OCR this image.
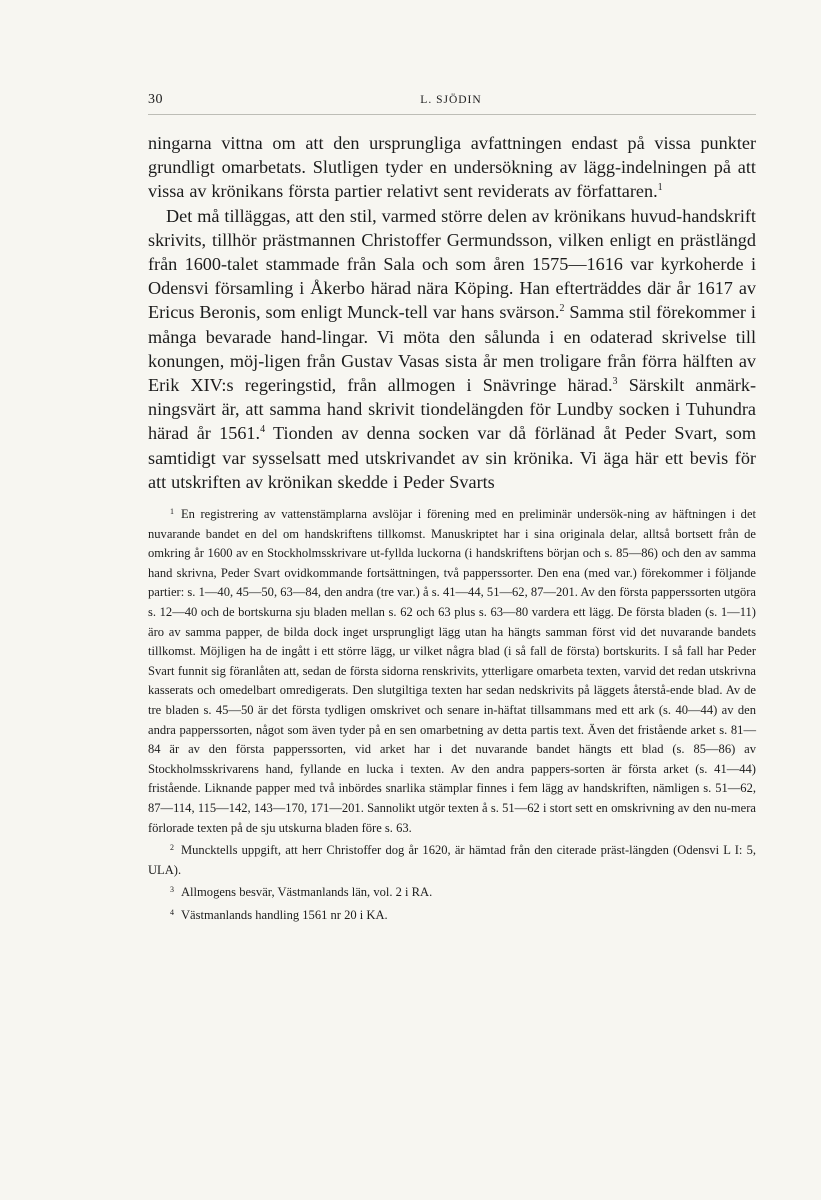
30	L. SJÖDIN

ningarna vittna om att den ursprungliga avfattningen endast på vissa punkter grundligt omarbetats. Slutligen tyder en undersökning av lägg-indelningen på att vissa av krönikans första partier relativt sent reviderats av författaren.$^1$

Det må tilläggas, att den stil, varmed större delen av krönikans huvud-handskrift skrivits, tillhör prästmannen Christoffer Germundsson, vilken enligt en prästlängd från 1600-talet stammade från Sala och som åren 1575—1616 var kyrkoherde i Odensvi församling i Åkerbo härad nära Köping. Han efterträddes där år 1617 av Ericus Beronis, som enligt Munck-tell var hans svärson.$^2$ Samma stil förekommer i många bevarade hand-lingar. Vi möta den sålunda i en odaterad skrivelse till konungen, möj-ligen från Gustav Vasas sista år men troligare från förra hälften av Erik XIV:s regeringstid, från allmogen i Snävringe härad.$^3$ Särskilt anmärk-ningsvärt är, att samma hand skrivit tiondelängden för Lundby socken i Tuhundra härad år 1561.$^4$ Tionden av denna socken var då förlänad åt Peder Svart, som samtidigt var sysselsatt med utskrivandet av sin krönika. Vi äga här ett bevis för att utskriften av krönikan skedde i Peder Svarts

$^1$ En registrering av vattenstämplarna avslöjar i förening med en preliminär undersök-ning av häftningen i det nuvarande bandet en del om handskriftens tillkomst. Manuskriptet har i sina originala delar, alltså bortsett från de omkring år 1600 av en Stockholmsskrivare ut-fyllda luckorna (i handskriftens början och s. 85—86) och den av samma hand skrivna, Peder Svart ovidkommande fortsättningen, två papperssorter. Den ena (med var.) förekommer i följande partier: s. 1—40, 45—50, 63—84, den andra (tre var.) å s. 41—44, 51—62, 87—201. Av den första papperssorten utgöra s. 12—40 och de bortskurna sju bladen mellan s. 62 och 63 plus s. 63—80 vardera ett lägg. De första bladen (s. 1—11) äro av samma papper, de bilda dock inget ursprungligt lägg utan ha hängts samman först vid det nuvarande bandets tillkomst. Möjligen ha de ingått i ett större lägg, ur vilket några blad (i så fall de första) bortskurits. I så fall har Peder Svart funnit sig föranlåten att, sedan de första sidorna renskrivits, ytterligare omarbeta texten, varvid det redan utskrivna kasserats och omedelbart omredigerats. Den slutgiltiga texten har sedan nedskrivits på läggets återstå-ende blad. Av de tre bladen s. 45—50 är det första tydligen omskrivet och senare in-häftat tillsammans med ett ark (s. 40—44) av den andra papperssorten, något som även tyder på en sen omarbetning av detta partis text. Även det fristående arket s. 81—84 är av den första papperssorten, vid arket har i det nuvarande bandet hängts ett blad (s. 85—86) av Stockholmsskrivarens hand, fyllande en lucka i texten. Av den andra pappers-sorten är första arket (s. 41—44) fristående. Liknande papper med två inbördes snarlika stämplar finnes i fem lägg av handskriften, nämligen s. 51—62, 87—114, 115—142, 143—170, 171—201. Sannolikt utgör texten å s. 51—62 i stort sett en omskrivning av den nu-mera förlorade texten på de sju utskurna bladen före s. 63.

$^2$ Muncktells uppgift, att herr Christoffer dog år 1620, är hämtad från den citerade präst-längden (Odensvi L I: 5, ULA).

$^3$ Allmogens besvär, Västmanlands län, vol. 2 i RA.

$^4$ Västmanlands handling 1561 nr 20 i KA.
